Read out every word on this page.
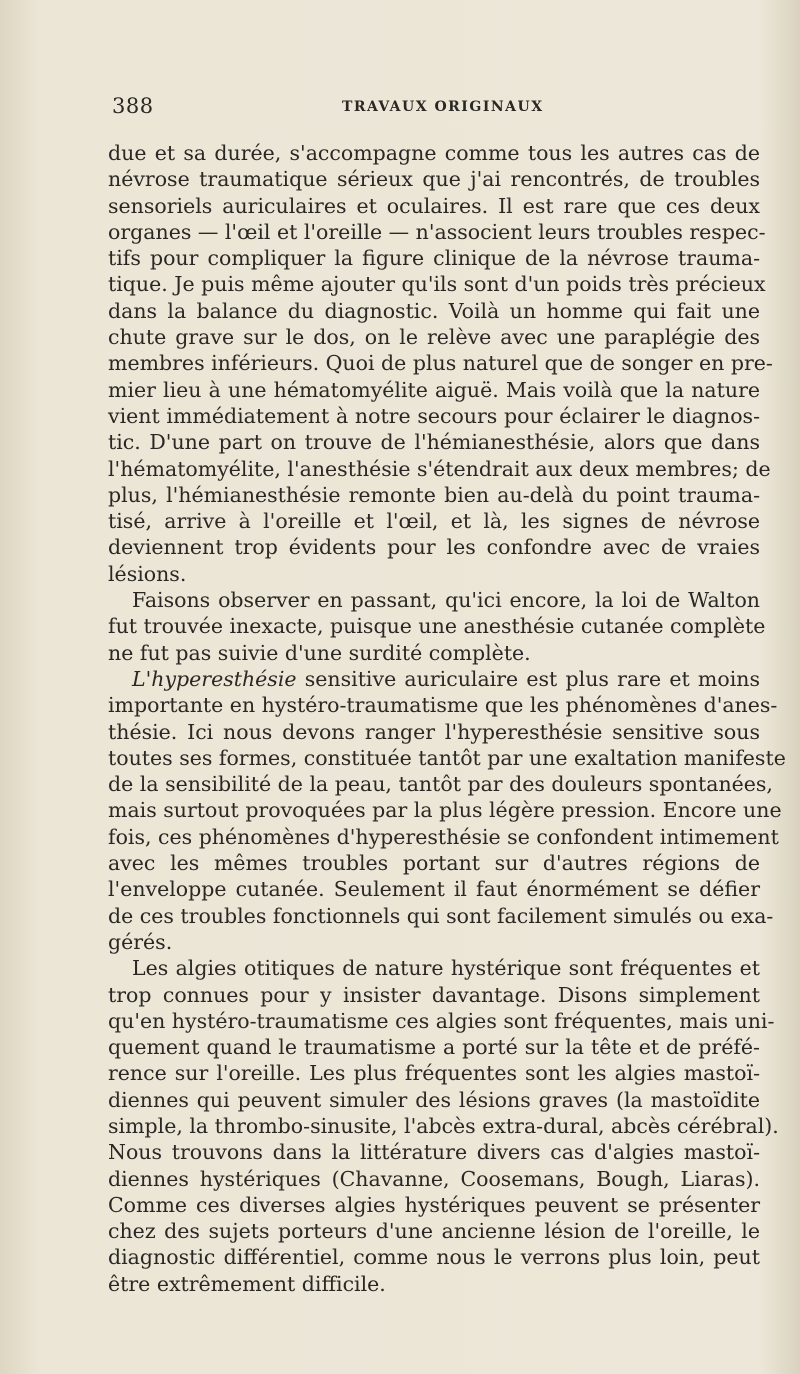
388	TRAVAUX ORIGINAUX
due et sa durée, s'accompagne comme tous les autres cas de
névrose traumatique sérieux que j'ai rencontrés, de troubles
sensoriels auriculaires et oculaires. Il est rare que ces deux
organes — l'œil et l'oreille — n'associent leurs troubles respec-
tifs pour compliquer la figure clinique de la névrose trauma-
tique. Je puis même ajouter qu'ils sont d'un poids très précieux
dans la balance du diagnostic. Voilà un homme qui fait une
chute grave sur le dos, on le relève avec une paraplégie des
membres inférieurs. Quoi de plus naturel que de songer en pre-
mier lieu à une hématomyélite aiguë. Mais voilà que la nature
vient immédiatement à notre secours pour éclairer le diagnos-
tic. D'une part on trouve de l'hémianesthésie, alors que dans
l'hématomyélite, l'anesthésie s'étendrait aux deux membres; de
plus, l'hémianesthésie remonte bien au-delà du point trauma-
tisé, arrive à l'oreille et l'œil, et là, les signes de névrose
deviennent trop évidents pour les confondre avec de vraies
lésions.
Faisons observer en passant, qu'ici encore, la loi de Walton
fut trouvée inexacte, puisque une anesthésie cutanée complète
ne fut pas suivie d'une surdité complète.
L'hyperesthésie sensitive auriculaire est plus rare et moins
importante en hystéro-traumatisme que les phénomènes d'anes-
thésie. Ici nous devons ranger l'hyperesthésie sensitive sous
toutes ses formes, constituée tantôt par une exaltation manifeste
de la sensibilité de la peau, tantôt par des douleurs spontanées,
mais surtout provoquées par la plus légère pression. Encore une
fois, ces phénomènes d'hyperesthésie se confondent intimement
avec les mêmes troubles portant sur d'autres régions de
l'enveloppe cutanée. Seulement il faut énormément se défier
de ces troubles fonctionnels qui sont facilement simulés ou exa-
gérés.
Les algies otitiques de nature hystérique sont fréquentes et
trop connues pour y insister davantage. Disons simplement
qu'en hystéro-traumatisme ces algies sont fréquentes, mais uni-
quement quand le traumatisme a porté sur la tête et de préfé-
rence sur l'oreille. Les plus fréquentes sont les algies mastoï-
diennes qui peuvent simuler des lésions graves (la mastoïdite
simple, la thrombo-sinusite, l'abcès extra-dural, abcès cérébral).
Nous trouvons dans la littérature divers cas d'algies mastoï-
diennes hystériques (Chavanne, Coosemans, Bough, Liaras).
Comme ces diverses algies hystériques peuvent se présenter
chez des sujets porteurs d'une ancienne lésion de l'oreille, le
diagnostic différentiel, comme nous le verrons plus loin, peut
être extrêmement difficile.
